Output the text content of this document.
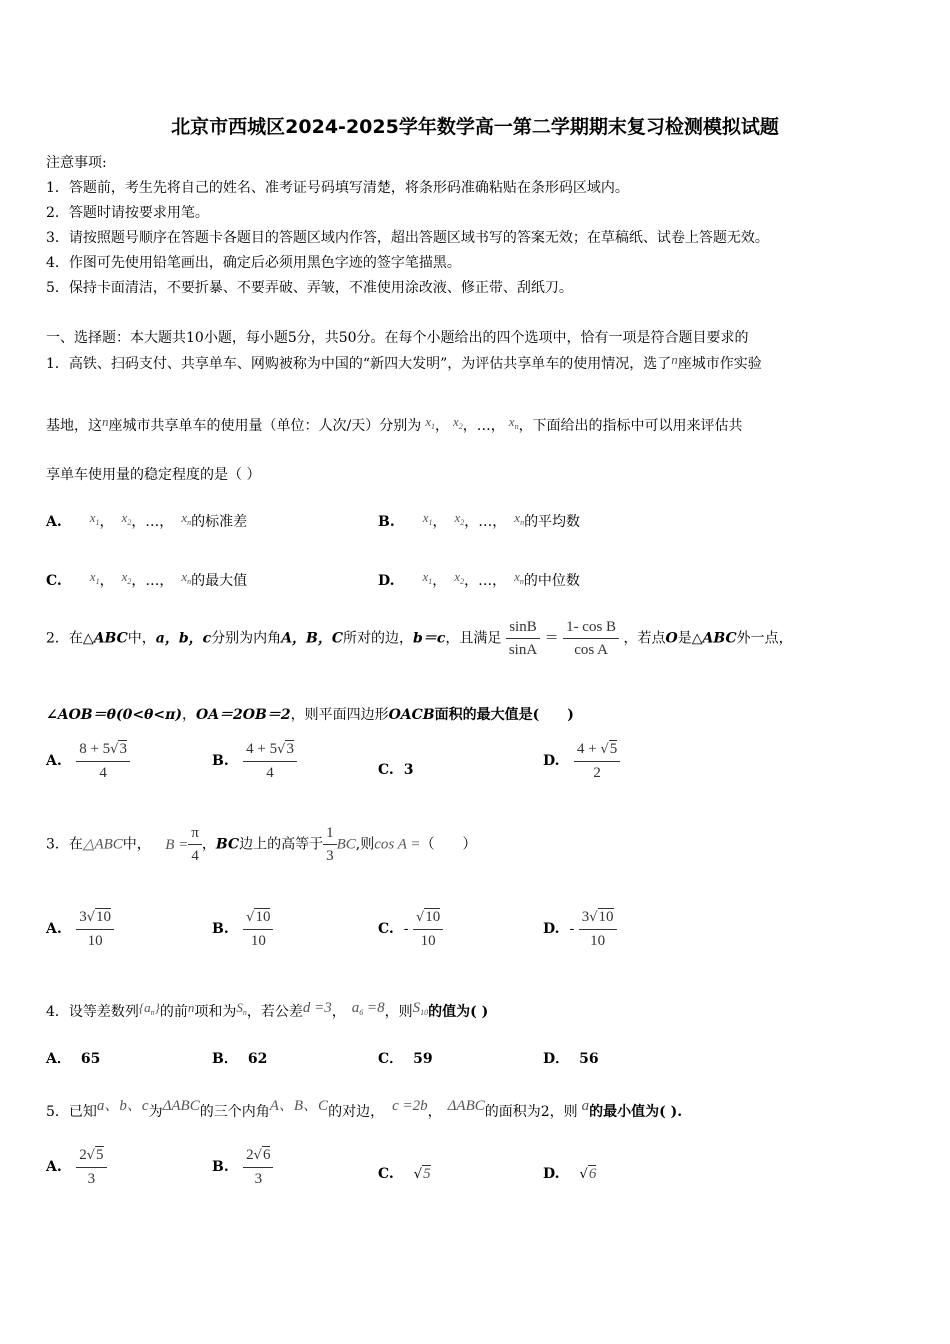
北京市西城区2024-2025学年数学高一第二学期期末复习检测模拟试题
注意事项:
1．答题前，考生先将自己的姓名、准考证号码填写清楚，将条形码准确粘贴在条形码区域内。
2．答题时请按要求用笔。
3．请按照题号顺序在答题卡各题目的答题区域内作答，超出答题区域书写的答案无效；在草稿纸、试卷上答题无效。
4．作图可先使用铅笔画出，确定后必须用黑色字迹的签字笔描黑。
5．保持卡面清洁，不要折暴、不要弄破、弄皱，不准使用涂改液、修正带、刮纸刀。
一、选择题：本大题共10小题，每小题5分，共50分。在每个小题给出的四个选项中，恰有一项是符合题目要求的
1．高铁、扫码支付、共享单车、网购被称为中国的“新四大发明”，为评估共享单车的使用情况，选了n座城市作实验
基地，这n座城市共享单车的使用量（单位：人次/天）分别为 $x_1$， $x_2$，…， $x_n$，下面给出的指标中可以用来评估共
享单车使用量的稳定程度的是（ ）
A. $x_1$， $x_2$，…， $x_n$的标准差	B. $x_1$， $x_2$，…， $x_n$的平均数
C. $x_1$， $x_2$，…， $x_n$的最大值	D. $x_1$， $x_2$，…， $x_n$的中位数
2．在△ABC中，a，b，c分别为内角A，B，C所对的边，b＝c，且满足 $\frac{\sin B}{\sin A} = \frac{\text{1- cos B}}{\text{cos A}}$ ，若点O是△ABC外一点，
∠AOB＝θ(0<θ<π)，OA＝2OB＝2，则平面四边形OACB面积的最大值是(　　)
A. $\frac{8 + 5√3}{4}$	B. $\frac{4 + 5√3}{4}$	C. 3
D. $\frac{4 + √5}{2}$
3．在△ABC中， $B = \frac{\pi}{4}$ ，BC边上的高等于 $\frac{1}{3}$ BC,则cos A =（　　）
A. $\frac{3√10}{10}$	B. $\frac{√10}{10}$	C. - $\frac{√10}{10}$	D. - $\frac{3√10}{10}$
4．设等差数列$\{a_n\}$的前n项和为$S_n$，若公差d =3， $a_6 =8$，则$S_{10}$的值为( )
A． 65	B． 62	C． 59	D． 56
5．已知a、b、c为ΔABC的三个内角A、B、C的对边， c =2b， ΔABC的面积为2，则 a的最小值为( ).
A. $\frac{2√5}{3}$	B. $\frac{2√6}{3}$	C. √5	D. √6
